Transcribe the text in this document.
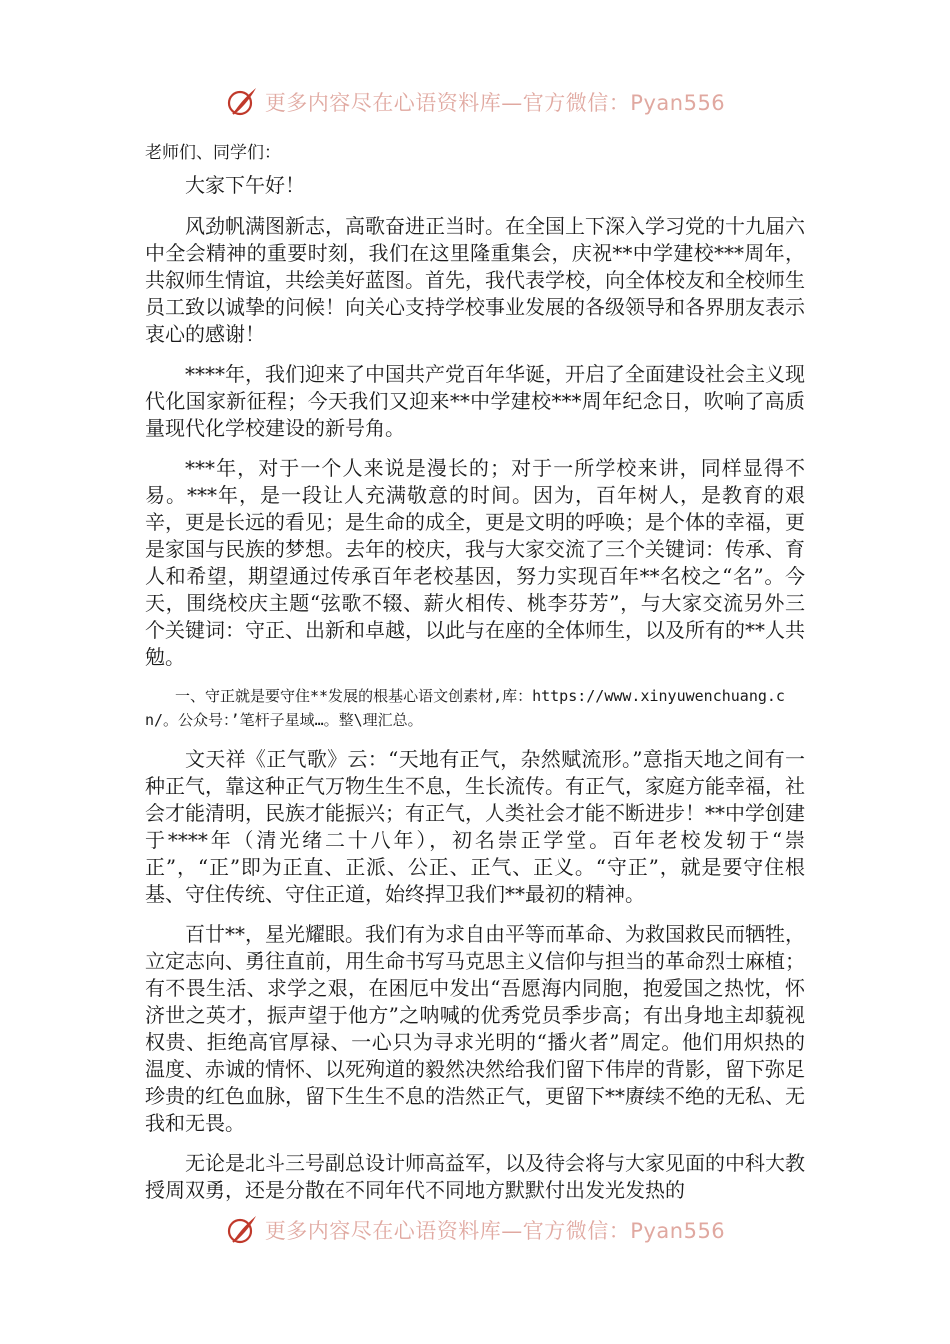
更多内容尽在心语资料库—官方微信：Pyan556

老师们、同学们：

大家下午好！

风劲帆满图新志，高歌奋进正当时。在全国上下深入学习党的十九届六中全会精神的重要时刻，我们在这里隆重集会，庆祝**中学建校***周年，共叙师生情谊，共绘美好蓝图。首先，我代表学校，向全体校友和全校师生员工致以诚挚的问候！向关心支持学校事业发展的各级领导和各界朋友表示衷心的感谢！

****年，我们迎来了中国共产党百年华诞，开启了全面建设社会主义现代化国家新征程；今天我们又迎来**中学建校***周年纪念日，吹响了高质量现代化学校建设的新号角。

***年，对于一个人来说是漫长的；对于一所学校来讲，同样显得不易。***年，是一段让人充满敬意的时间。因为，百年树人，是教育的艰辛，更是长远的看见；是生命的成全，更是文明的呼唤；是个体的幸福，更是家国与民族的梦想。去年的校庆，我与大家交流了三个关键词：传承、育人和希望，期望通过传承百年老校基因，努力实现百年**名校之“名”。今天，围绕校庆主题“弦歌不辍、薪火相传、桃李芬芳”，与大家交流另外三个关键词：守正、出新和卓越，以此与在座的全体师生，以及所有的**人共勉。

一、守正就是要守住**发展的根基心语文创素材,库：https://www.xinyuwenchuang.cn/。公众号：’笔杆子星域…。整\理汇总。

文天祥《正气歌》云：“天地有正气，杂然赋流形。”意指天地之间有一种正气，靠这种正气万物生生不息，生长流传。有正气，家庭方能幸福，社会才能清明，民族才能振兴；有正气，人类社会才能不断进步！**中学创建于****年（清光绪二十八年），初名崇正学堂。百年老校发轫于“崇正”，“正”即为正直、正派、公正、正气、正义。“守正”，就是要守住根基、守住传统、守住正道，始终捍卫我们**最初的精神。

百廿**，星光耀眼。我们有为求自由平等而革命、为救国救民而牺牲，立定志向、勇往直前，用生命书写马克思主义信仰与担当的革命烈士麻植；有不畏生活、求学之艰，在困厄中发出“吾愿海内同胞，抱爱国之热忱，怀济世之英才，振声望于他方”之呐喊的优秀党员季步高；有出身地主却藐视权贵、拒绝高官厚禄、一心只为寻求光明的“播火者”周定。他们用炽热的温度、赤诚的情怀、以死殉道的毅然决然给我们留下伟岸的背影，留下弥足珍贵的红色血脉，留下生生不息的浩然正气，更留下**赓续不绝的无私、无我和无畏。

无论是北斗三号副总设计师高益军，以及待会将与大家见面的中科大教授周双勇，还是分散在不同年代不同地方默默付出发光发热的

更多内容尽在心语资料库—官方微信：Pyan556
